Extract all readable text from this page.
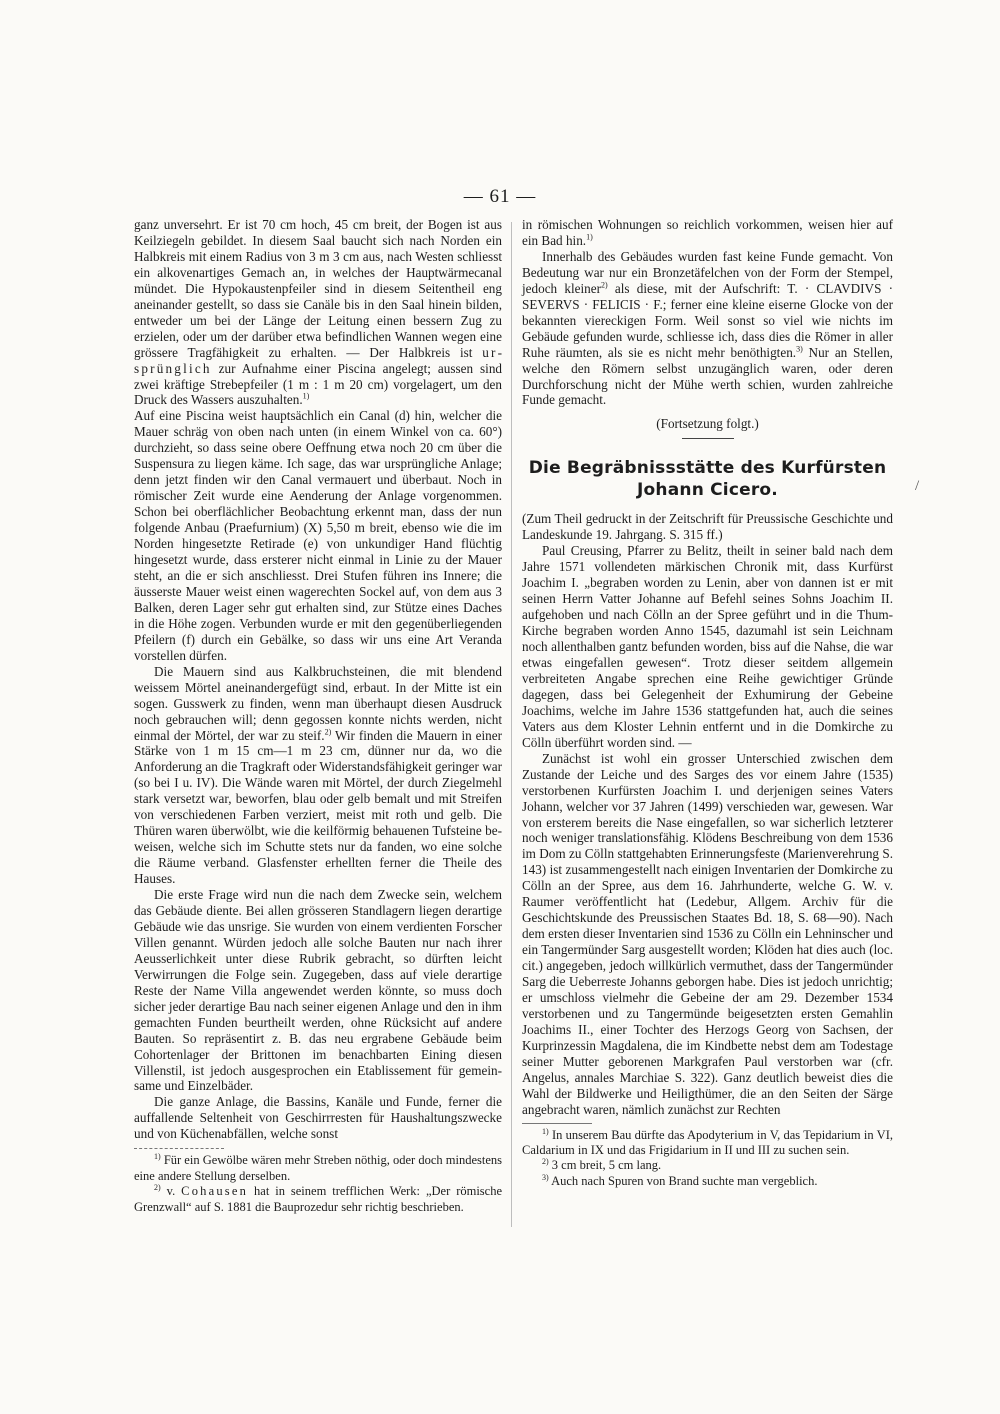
— 61 —

ganz unversehrt. Er ist 70 cm hoch, 45 cm breit, der Bogen ist aus Keilziegeln gebildet. In diesem Saal baucht sich nach Norden ein Halbkreis mit einem Radius von 3 m 3 cm aus, nach Westen schliesst ein alkovenartiges Gemach an, in welches der Hauptwärmecanal mündet. Die Hypokaustenpfeiler sind in diesem Seitentheil eng aneinander gestellt, so dass sie Canäle bis in den Saal hinein bilden, entweder um bei der Länge der Leitung einen bessern Zug zu erzielen, oder um der darüber etwa befindlichen Wannen wegen eine grössere Tragfähigkeit zu erhalten. — Der Halbkreis ist ursprünglich zur Aufnahme einer Piscina angelegt; aussen sind zwei kräftige Strebepfeiler (1 m : 1 m 20 cm) vorgelagert, um den Druck des Wassers auszuhalten.$^{1)}$

Auf eine Piscina weist hauptsächlich ein Canal (d) hin, welcher die Mauer schräg von oben nach unten (in einem Winkel von ca. 60°) durchzieht, so dass seine obere Oeffnung etwa noch 20 cm über die Suspensura zu liegen käme. Ich sage, das war ursprüngliche Anlage; denn jetzt finden wir den Canal vermauert und überbaut. Noch in römischer Zeit wurde eine Aenderung der Anlage vorgenommen. Schon bei oberflächlicher Beobachtung erkennt man, dass der nun folgende Anbau (Praefurnium) (X) 5,50 m breit, ebenso wie die im Norden hingesetzte Retirade (e) von unkundiger Hand flüchtig hingesetzt wurde, dass ersterer nicht einmal in Linie zu der Mauer steht, an die er sich anschliesst. Drei Stufen führen ins Innere; die äusserste Mauer weist einen wagerechten Sockel auf, von dem aus 3 Balken, deren Lager sehr gut erhalten sind, zur Stütze eines Daches in die Höhe zogen. Verbunden wurde er mit den gegenüberliegenden Pfeilern (f) durch ein Gebälke, so dass wir uns eine Art Veranda vorstellen dürfen.

Die Mauern sind aus Kalkbruchsteinen, die mit blendend weissem Mörtel aneinandergefügt sind, erbaut. In der Mitte ist ein sogen. Gusswerk zu finden, wenn man überhaupt diesen Ausdruck noch gebrauchen will; denn gegossen konnte nichts werden, nicht einmal der Mörtel, der war zu steif.$^{2)}$ Wir finden die Mauern in einer Stärke von 1 m 15 cm—1 m 23 cm, dünner nur da, wo die Anforderung an die Tragkraft oder Widerstandsfähigkeit geringer war (so bei I u. IV). Die Wände waren mit Mörtel, der durch Ziegelmehl stark versetzt war, beworfen, blau oder gelb bemalt und mit Streifen von verschiedenen Farben verziert, meist mit roth und gelb. Die Thüren waren überwölbt, wie die keilförmig behauenen Tufsteine beweisen, welche sich im Schutte stets nur da fanden, wo eine solche die Räume verband. Glasfenster erhellten ferner die Theile des Hauses.

Die erste Frage wird nun die nach dem Zwecke sein, welchem das Gebäude diente. Bei allen grösseren Standlagern liegen derartige Gebäude wie das unsrige. Sie wurden von einem verdienten Forscher Villen genannt. Würden jedoch alle solche Bauten nur nach ihrer Aeusserlichkeit unter diese Rubrik gebracht, so dürften leicht Verwirrungen die Folge sein. Zugegeben, dass auf viele derartige Reste der Name Villa angewendet werden könnte, so muss doch sicher jeder derartige Bau nach seiner eigenen Anlage und den in ihm gemachten Funden beurtheilt werden, ohne Rücksicht auf andere Bauten. So repräsentirt z. B. das neu ergrabene Gebäude beim Cohortenlager der Brittonen im benachbarten Eining diesen Villenstil, ist jedoch ausgesprochen ein Etablissement für gemeinsame und Einzelbäder.

Die ganze Anlage, die Bassins, Kanäle und Funde, ferner die auffallende Seltenheit von Geschirrresten für Haushaltungszwecke und von Küchenabfällen, welche sonst

$^{1)}$ Für ein Gewölbe wären mehr Streben nöthig, oder doch mindestens eine andere Stellung derselben.

$^{2)}$ v. Cohausen hat in seinem trefflichen Werk: „Der römische Grenzwall“ auf S. 1881 die Bauprozedur sehr richtig beschrieben.

in römischen Wohnungen so reichlich vorkommen, weisen hier auf ein Bad hin.$^{1)}$

Innerhalb des Gebäudes wurden fast keine Funde gemacht. Von Bedeutung war nur ein Bronzetäfelchen von der Form der Stempel, jedoch kleiner$^{2)}$ als diese, mit der Aufschrift: T. · CLAVDIVS · SEVERVS · FELICIS · F.; ferner eine kleine eiserne Glocke von der bekannten viereckigen Form. Weil sonst so viel wie nichts im Gebäude gefunden wurde, schliesse ich, dass dies die Römer in aller Ruhe räumten, als sie es nicht mehr benöthigten.$^{3)}$ Nur an Stellen, welche den Römern selbst unzugänglich waren, oder deren Durchforschung nicht der Mühe werth schien, wurden zahlreiche Funde gemacht.

(Fortsetzung folgt.)

Die Begräbnissstätte des Kurfürsten Johann Cicero.

(Zum Theil gedruckt in der Zeitschrift für Preussische Geschichte und Landeskunde 19. Jahrgang. S. 315 ff.)

Paul Creusing, Pfarrer zu Belitz, theilt in seiner bald nach dem Jahre 1571 vollendeten märkischen Chronik mit, dass Kurfürst Joachim I. „begraben worden zu Lenin, aber von dannen ist er mit seinen Herrn Vatter Johanne auf Befehl seines Sohns Joachim II. aufgehoben und nach Cölln an der Spree geführt und in die Thum-Kirche begraben worden Anno 1545, dazumahl ist sein Leichnam noch allenthalben gantz befunden worden, biss auf die Nahse, die war etwas eingefallen gewesen“. Trotz dieser seitdem allgemein verbreiteten Angabe sprechen eine Reihe gewichtiger Gründe dagegen, dass bei Gelegenheit der Exhumirung der Gebeine Joachims, welche im Jahre 1536 stattgefunden hat, auch die seines Vaters aus dem Kloster Lehnin entfernt und in die Domkirche zu Cölln überführt worden sind. —

Zunächst ist wohl ein grosser Unterschied zwischen dem Zustande der Leiche und des Sarges des vor einem Jahre (1535) verstorbenen Kurfürsten Joachim I. und derjenigen seines Vaters Johann, welcher vor 37 Jahren (1499) verschieden war, gewesen. War von ersterem bereits die Nase eingefallen, so war sicherlich letzterer noch weniger translationsfähig. Klödens Beschreibung von dem 1536 im Dom zu Cölln stattgehabten Erinnerungsfeste (Marienverehrung S. 143) ist zusammengestellt nach einigen Inventarien der Domkirche zu Cölln an der Spree, aus dem 16. Jahrhunderte, welche G. W. v. Raumer veröffentlicht hat (Ledebur, Allgem. Archiv für die Geschichtskunde des Preussischen Staates Bd. 18, S. 68—90). Nach dem ersten dieser Inventarien sind 1536 zu Cölln ein Lehninscher und ein Tangermünder Sarg ausgestellt worden; Klöden hat dies auch (loc. cit.) angegeben, jedoch willkürlich vermuthet, dass der Tangermünder Sarg die Ueberreste Johanns geborgen habe. Dies ist jedoch unrichtig; er umschloss vielmehr die Gebeine der am 29. Dezember 1534 verstorbenen und zu Tangermünde beigesetzten ersten Gemahlin Joachims II., einer Tochter des Herzogs Georg von Sachsen, der Kurprinzessin Magdalena, die im Kindbette nebst dem am Todestage seiner Mutter geborenen Markgrafen Paul verstorben war (cfr. Angelus, annales Marchiae S. 322). Ganz deutlich beweist dies die Wahl der Bildwerke und Heiligthümer, die an den Seiten der Särge angebracht waren, nämlich zunächst zur Rechten

$^{1)}$ In unserem Bau dürfte das Apodyterium in V, das Tepidarium in VI, Caldarium in IX und das Frigidarium in II und III zu suchen sein.

$^{2)}$ 3 cm breit, 5 cm lang.

$^{3)}$ Auch nach Spuren von Brand suchte man vergeblich.

/
